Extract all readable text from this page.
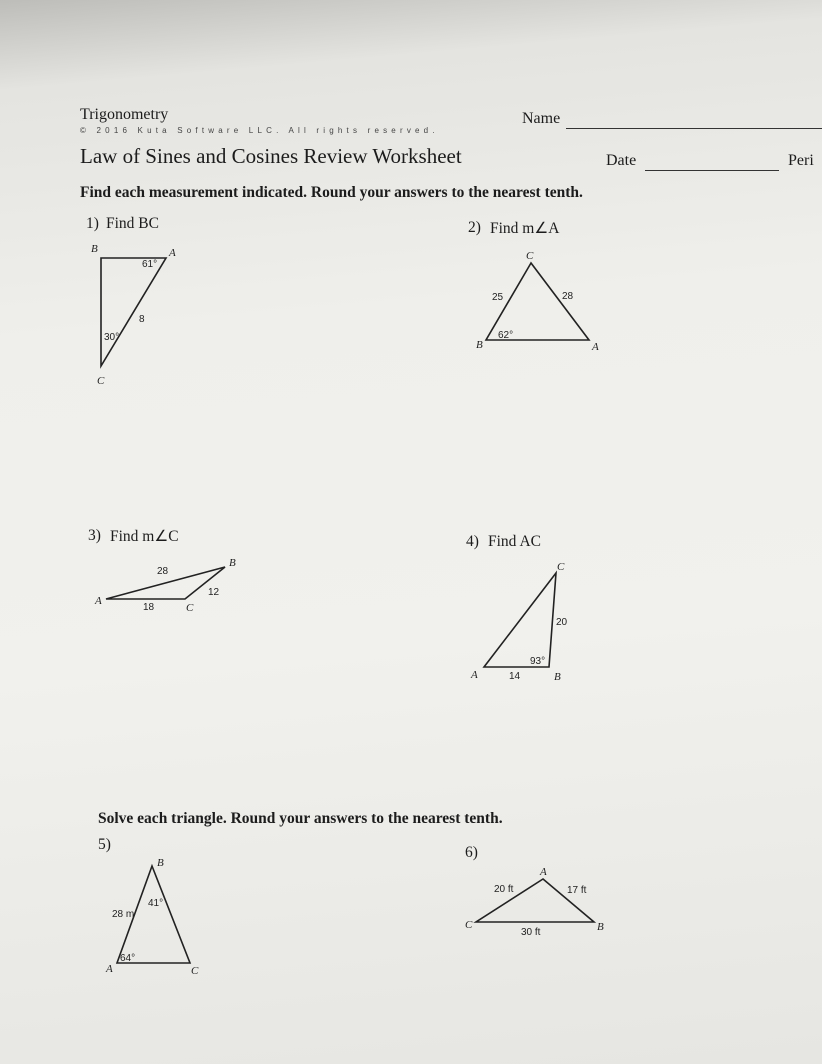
Trigonometry
© 2016 Kuta Software LLC. All rights reserved.
Law of Sines and Cosines Review Worksheet
Name
Date	Peri
Find each measurement indicated. Round your answers to the nearest tenth.
1) Find BC
B	A
C
61°
30°
8
2) Find m∠A
C
B	A
25	28
62°
3) Find m∠C
A
B
C
28
12
18
4) Find AC
C
A	B
20
14
93°
Solve each triangle. Round your answers to the nearest tenth.
5)
B
A	C
28 m
41°
64°
6)
A
C	B
20 ft	17 ft
30 ft
